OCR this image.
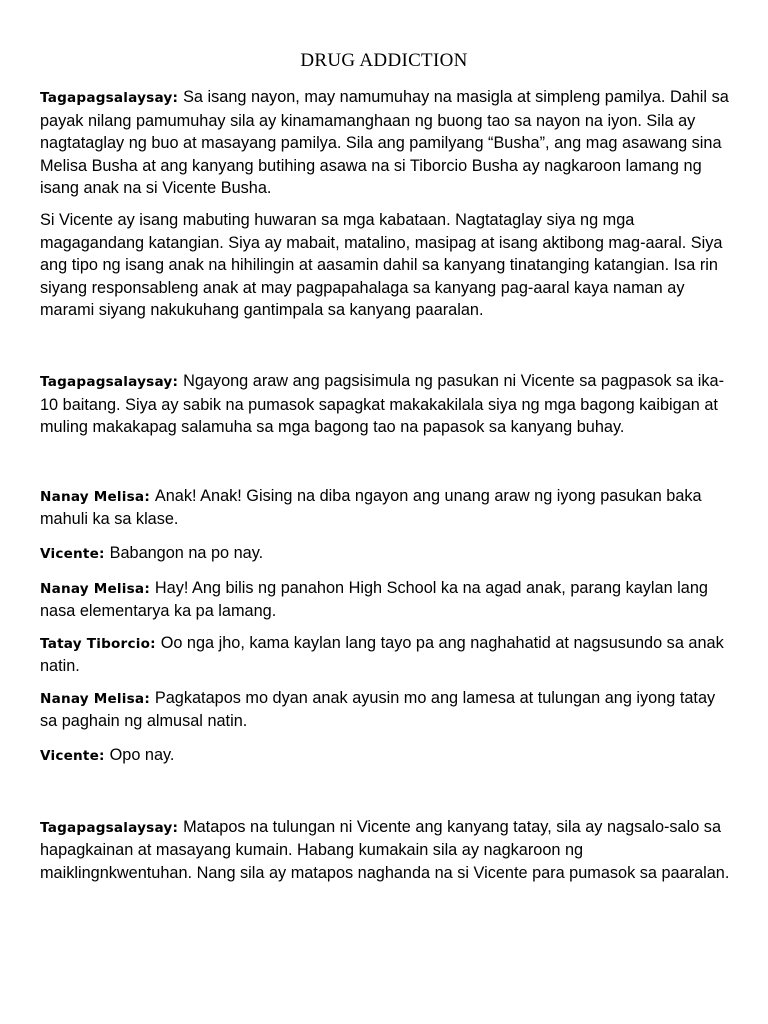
DRUG ADDICTION

Tagapagsalaysay: Sa isang nayon, may namumuhay na masigla at simpleng pamilya. Dahil sa payak nilang pamumuhay sila ay kinamamanghaan ng buong tao sa nayon na iyon. Sila ay nagtataglay ng buo at masayang pamilya. Sila ang pamilyang “Busha”, ang mag asawang sina Melisa Busha at ang kanyang butihing asawa na si Tiborcio Busha ay nagkaroon lamang ng isang anak na si Vicente Busha.

Si Vicente ay isang mabuting huwaran sa mga kabataan. Nagtataglay siya ng mga magagandang katangian. Siya ay mabait, matalino, masipag at isang aktibong mag-aaral. Siya ang tipo ng isang anak na hihilingin at aasamin dahil sa kanyang tinatanging katangian. Isa rin siyang responsableng anak at may pagpapahalaga sa kanyang pag-aaral kaya naman ay marami siyang nakukuhang gantimpala sa kanyang paaralan.

Tagapagsalaysay: Ngayong araw ang pagsisimula ng pasukan ni Vicente sa pagpasok sa ika-10 baitang. Siya ay sabik na pumasok sapagkat makakakilala siya ng mga bagong kaibigan at muling makakapag salamuha sa mga bagong tao na papasok sa kanyang buhay.

Nanay Melisa: Anak! Anak! Gising na diba ngayon ang unang araw ng iyong pasukan baka mahuli ka sa klase.

Vicente: Babangon na po nay.

Nanay Melisa: Hay! Ang bilis ng panahon High School ka na agad anak, parang kaylan lang nasa elementarya ka pa lamang.

Tatay Tiborcio: Oo nga jho, kama kaylan lang tayo pa ang naghahatid at nagsusundo sa anak natin.

Nanay Melisa: Pagkatapos mo dyan anak ayusin mo ang lamesa at tulungan ang iyong tatay sa paghain ng almusal natin.

Vicente: Opo nay.

Tagapagsalaysay: Matapos na tulungan ni Vicente ang kanyang tatay, sila ay nagsalo-salo sa hapagkainan at masayang kumain. Habang kumakain sila ay nagkaroon ng maiklingnkwentuhan. Nang sila ay matapos naghanda na si Vicente para pumasok sa paaralan.
